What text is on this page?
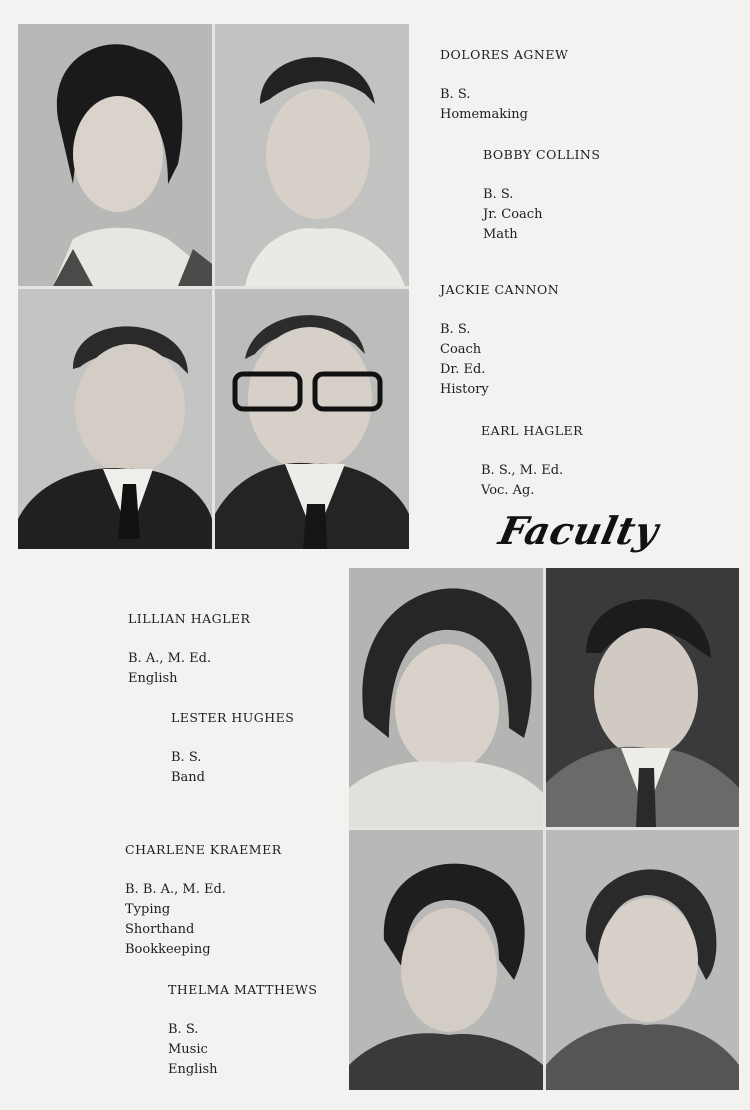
DOLORES AGNEW
B. S.
Homemaking
BOBBY COLLINS
B. S.
Jr. Coach
Math
JACKIE CANNON
B. S.
Coach
Dr. Ed.
History
EARL HAGLER
B. S., M. Ed.
Voc. Ag.
Faculty
LILLIAN HAGLER
B. A., M. Ed.
English
LESTER HUGHES
B. S.
Band
CHARLENE KRAEMER
B. B. A., M. Ed.
Typing
Shorthand
Bookkeeping
THELMA MATTHEWS
B. S.
Music
English
